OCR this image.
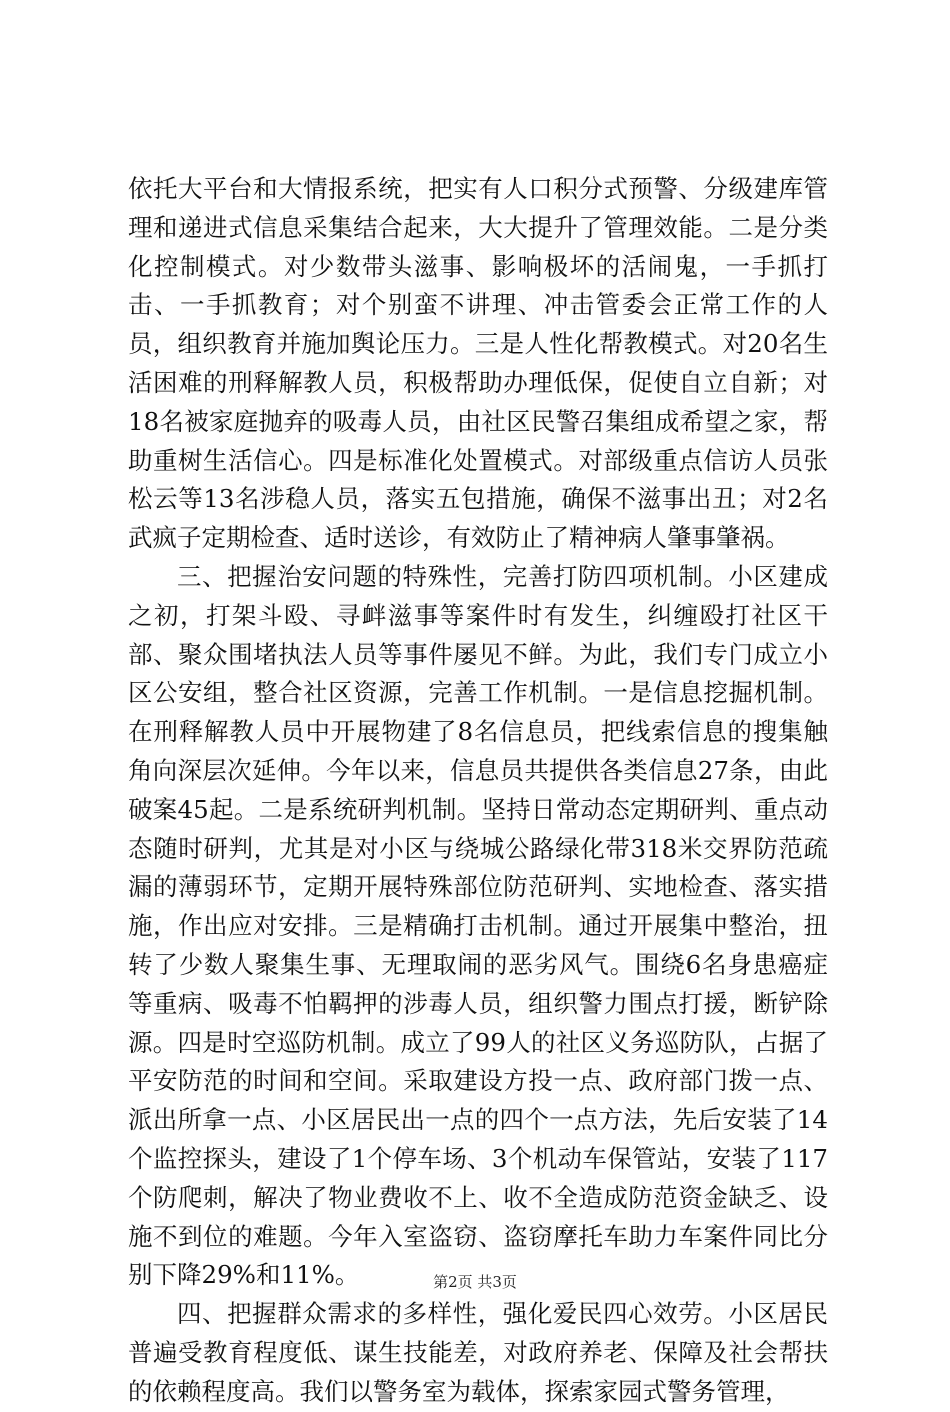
依托大平台和大情报系统，把实有人口积分式预警、分级建库管理和递进式信息采集结合起来，大大提升了管理效能。二是分类化控制模式。对少数带头滋事、影响极坏的活闹鬼，一手抓打击、一手抓教育；对个别蛮不讲理、冲击管委会正常工作的人员，组织教育并施加舆论压力。三是人性化帮教模式。对20名生活困难的刑释解教人员，积极帮助办理低保，促使自立自新；对18名被家庭抛弃的吸毒人员，由社区民警召集组成希望之家，帮助重树生活信心。四是标准化处置模式。对部级重点信访人员张松云等13名涉稳人员，落实五包措施，确保不滋事出丑；对2名武疯子定期检查、适时送诊，有效防止了精神病人肇事肇祸。

三、把握治安问题的特殊性，完善打防四项机制。小区建成之初，打架斗殴、寻衅滋事等案件时有发生，纠缠殴打社区干部、聚众围堵执法人员等事件屡见不鲜。为此，我们专门成立小区公安组，整合社区资源，完善工作机制。一是信息挖掘机制。在刑释解教人员中开展物建了8名信息员，把线索信息的搜集触角向深层次延伸。今年以来，信息员共提供各类信息27条，由此破案45起。二是系统研判机制。坚持日常动态定期研判、重点动态随时研判，尤其是对小区与绕城公路绿化带318米交界防范疏漏的薄弱环节，定期开展特殊部位防范研判、实地检查、落实措施，作出应对安排。三是精确打击机制。通过开展集中整治，扭转了少数人聚集生事、无理取闹的恶劣风气。围绕6名身患癌症等重病、吸毒不怕羁押的涉毒人员，组织警力围点打援，断铲除源。四是时空巡防机制。成立了99人的社区义务巡防队，占据了平安防范的时间和空间。采取建设方投一点、政府部门拨一点、派出所拿一点、小区居民出一点的四个一点方法，先后安装了14个监控探头，建设了1个停车场、3个机动车保管站，安装了117个防爬刺，解决了物业费收不上、收不全造成防范资金缺乏、设施不到位的难题。今年入室盗窃、盗窃摩托车助力车案件同比分别下降29%和11%。

四、把握群众需求的多样性，强化爱民四心效劳。小区居民普遍受教育程度低、谋生技能差，对政府养老、保障及社会帮扶的依赖程度高。我们以警务室为载体，探索家园式警务管理，

第2页 共3页
